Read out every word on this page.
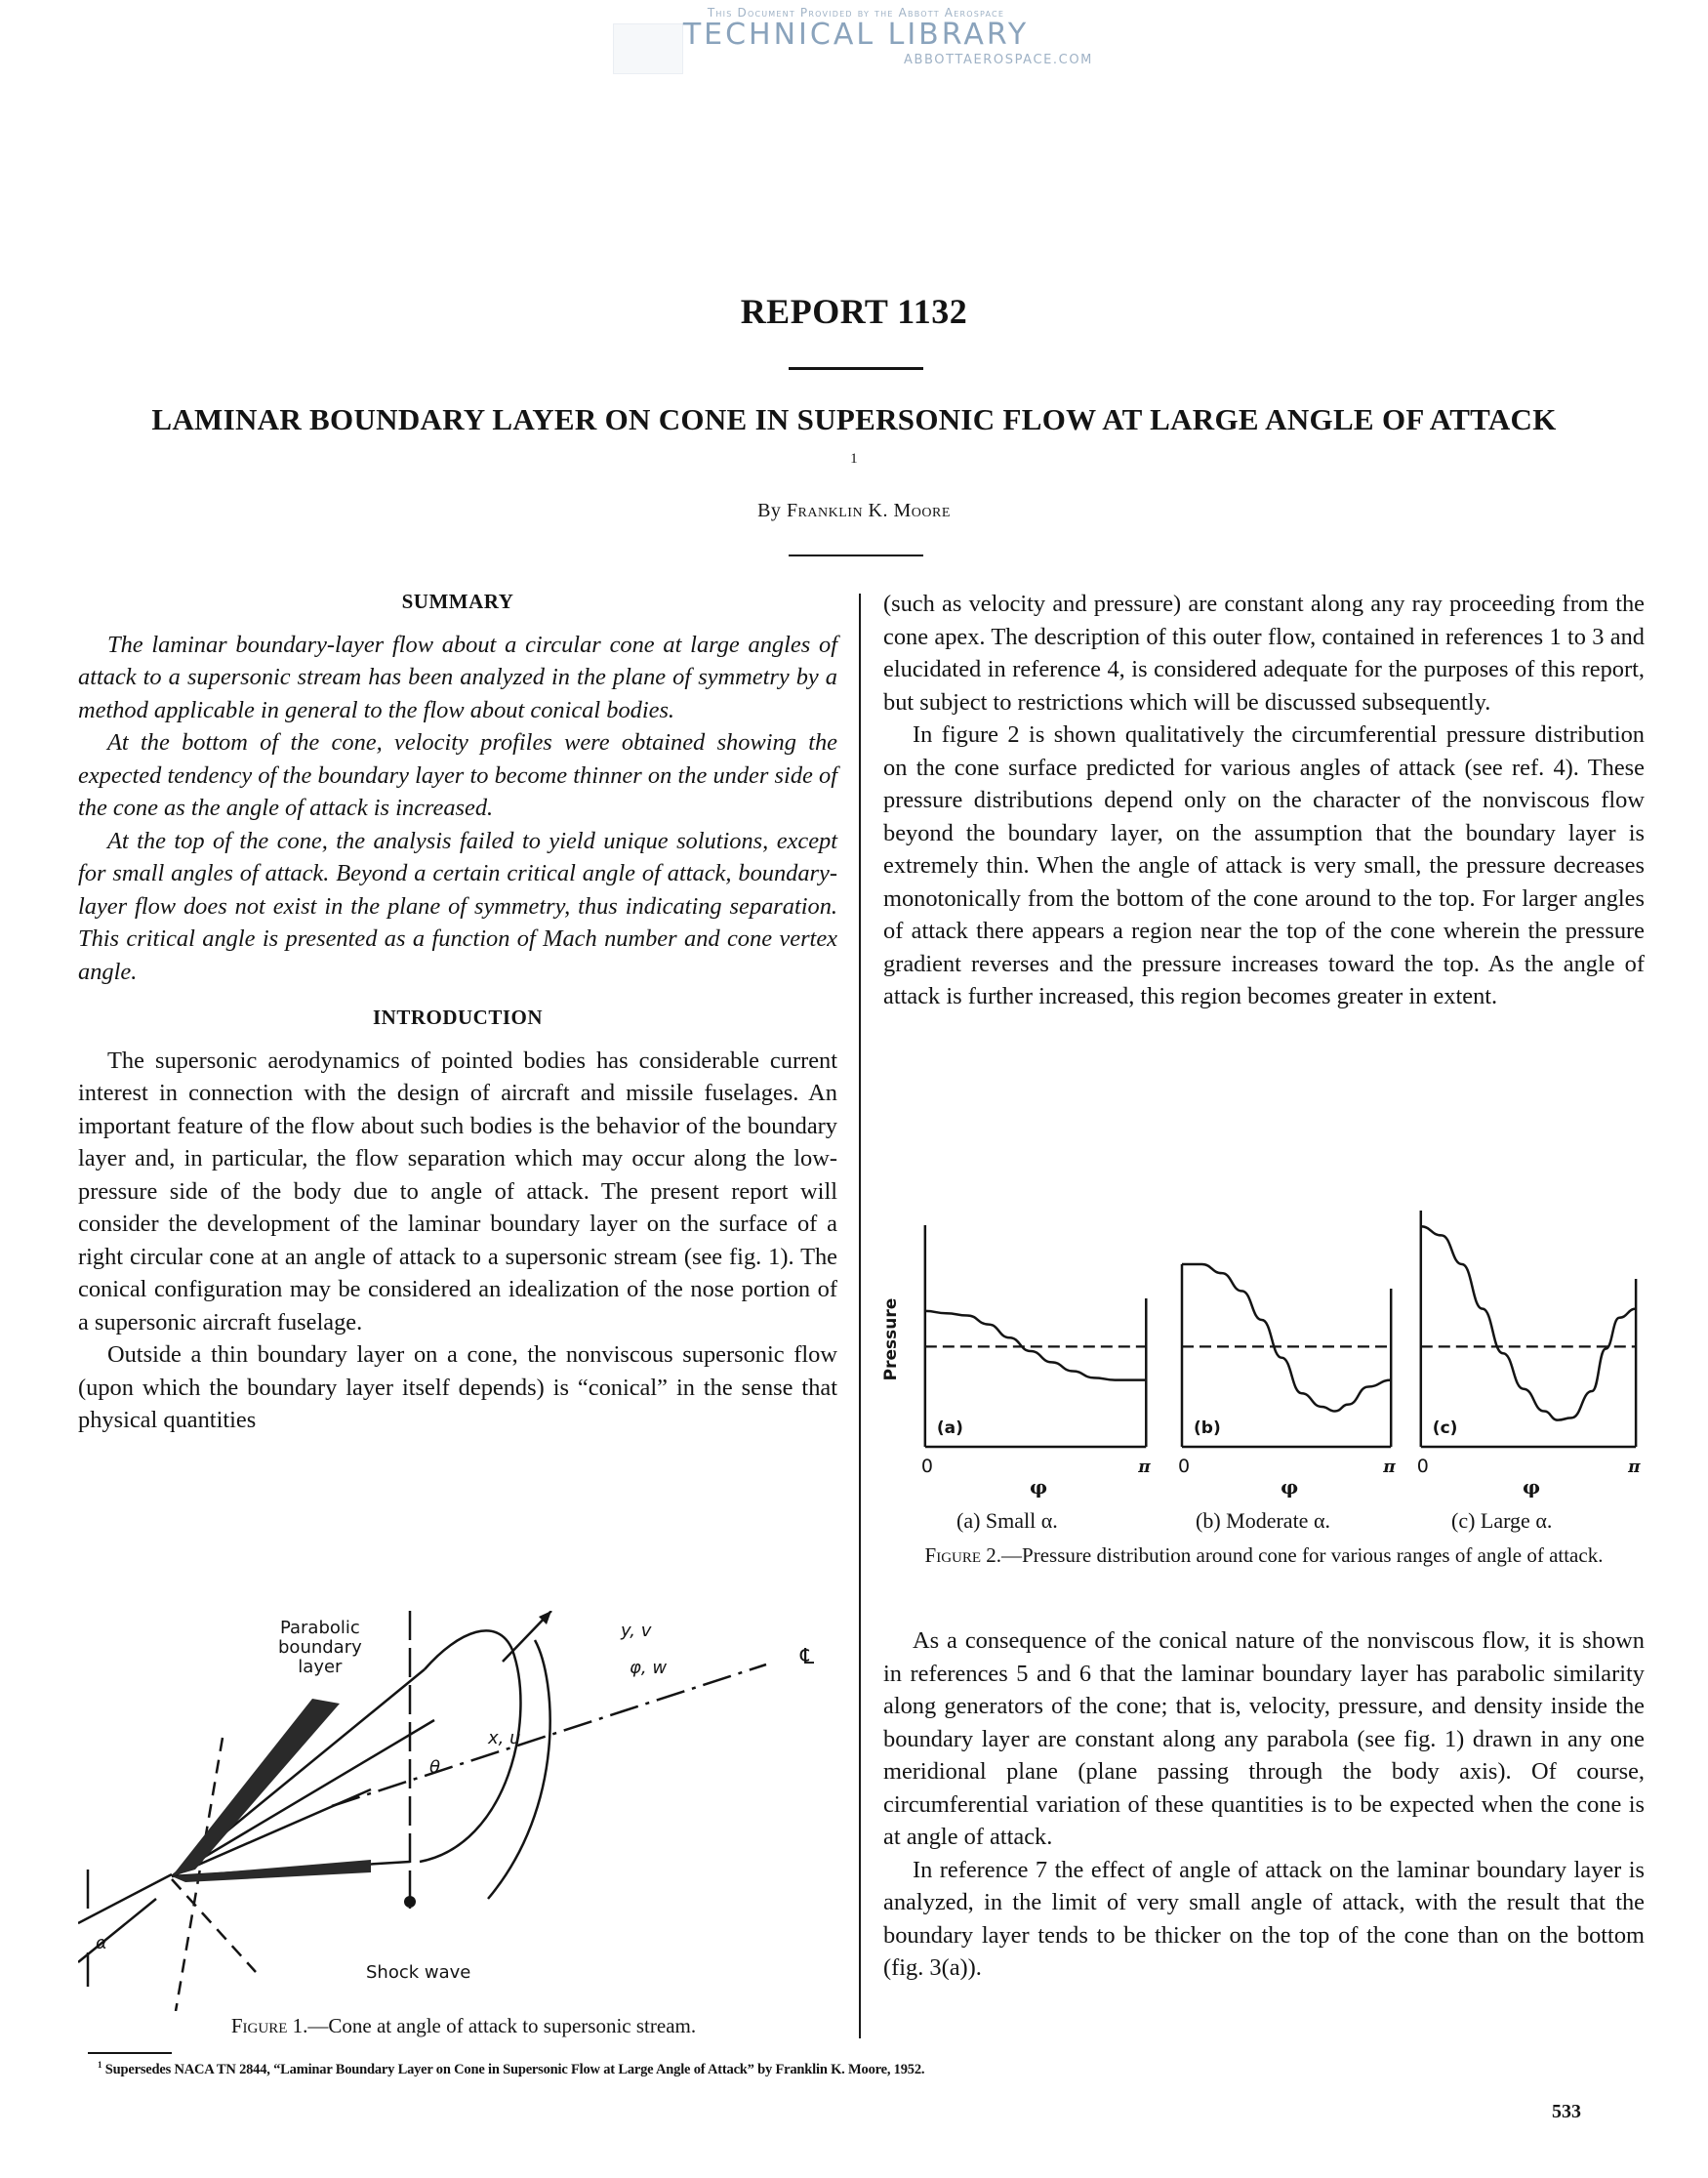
This Document Provided by the Abbott Aerospace
TECHNICAL LIBRARY
ABBOTTAEROSPACE.COM
REPORT 1132
LAMINAR BOUNDARY LAYER ON CONE IN SUPERSONIC FLOW AT LARGE ANGLE OF ATTACK $^1$
By Franklin K. Moore
SUMMARY

The laminar boundary-layer flow about a circular cone at large angles of attack to a supersonic stream has been analyzed in the plane of symmetry by a method applicable in general to the flow about conical bodies.

At the bottom of the cone, velocity profiles were obtained showing the expected tendency of the boundary layer to become thinner on the under side of the cone as the angle of attack is increased.

At the top of the cone, the analysis failed to yield unique solutions, except for small angles of attack. Beyond a certain critical angle of attack, boundary-layer flow does not exist in the plane of symmetry, thus indicating separation. This critical angle is presented as a function of Mach number and cone vertex angle.

INTRODUCTION

The supersonic aerodynamics of pointed bodies has considerable current interest in connection with the design of aircraft and missile fuselages. An important feature of the flow about such bodies is the behavior of the boundary layer and, in particular, the flow separation which may occur along the low-pressure side of the body due to angle of attack. The present report will consider the development of the laminar boundary layer on the surface of a right circular cone at an angle of attack to a supersonic stream (see fig. 1). The conical configuration may be considered an idealization of the nose portion of a supersonic aircraft fuselage.

Outside a thin boundary layer on a cone, the nonviscous supersonic flow (upon which the boundary layer itself depends) is “conical” in the sense that physical quantities

(such as velocity and pressure) are constant along any ray proceeding from the cone apex. The description of this outer flow, contained in references 1 to 3 and elucidated in reference 4, is considered adequate for the purposes of this report, but subject to restrictions which will be discussed subsequently.

In figure 2 is shown qualitatively the circumferential pressure distribution on the cone surface predicted for various angles of attack (see ref. 4). These pressure distributions depend only on the character of the nonviscous flow beyond the boundary layer, on the assumption that the boundary layer is extremely thin. When the angle of attack is very small, the pressure decreases monotonically from the bottom of the cone around to the top. For larger angles of attack there appears a region near the top of the cone wherein the pressure gradient reverses and the pressure increases toward the top. As the angle of attack is further increased, this region becomes greater in extent.

(a)
0	π
φ
(b)
0	π
φ
(c)
0	π
φ
Pressure
(a) Small α.	(b) Moderate α.	(c) Large α.
Figure 2.—Pressure distribution around cone for various ranges of angle of attack.

As a consequence of the conical nature of the nonviscous flow, it is shown in references 5 and 6 that the laminar boundary layer has parabolic similarity along generators of the cone; that is, velocity, pressure, and density inside the boundary layer are constant along any parabola (see fig. 1) drawn in any one meridional plane (plane passing through the body axis). Of course, circumferential variation of these quantities is to be expected when the cone is at angle of attack.

In reference 7 the effect of angle of attack on the laminar boundary layer is analyzed, in the limit of very small angle of attack, with the result that the boundary layer tends to be thicker on the top of the cone than on the bottom (fig. 3(a)).

Parabolic
boundary
layer
Shock wave
x, u
y, v
φ, w
θ
α
℄
Figure 1.—Cone at angle of attack to supersonic stream.
$^1$ Supersedes NACA TN 2844, “Laminar Boundary Layer on Cone in Supersonic Flow at Large Angle of Attack” by Franklin K. Moore, 1952.
533
